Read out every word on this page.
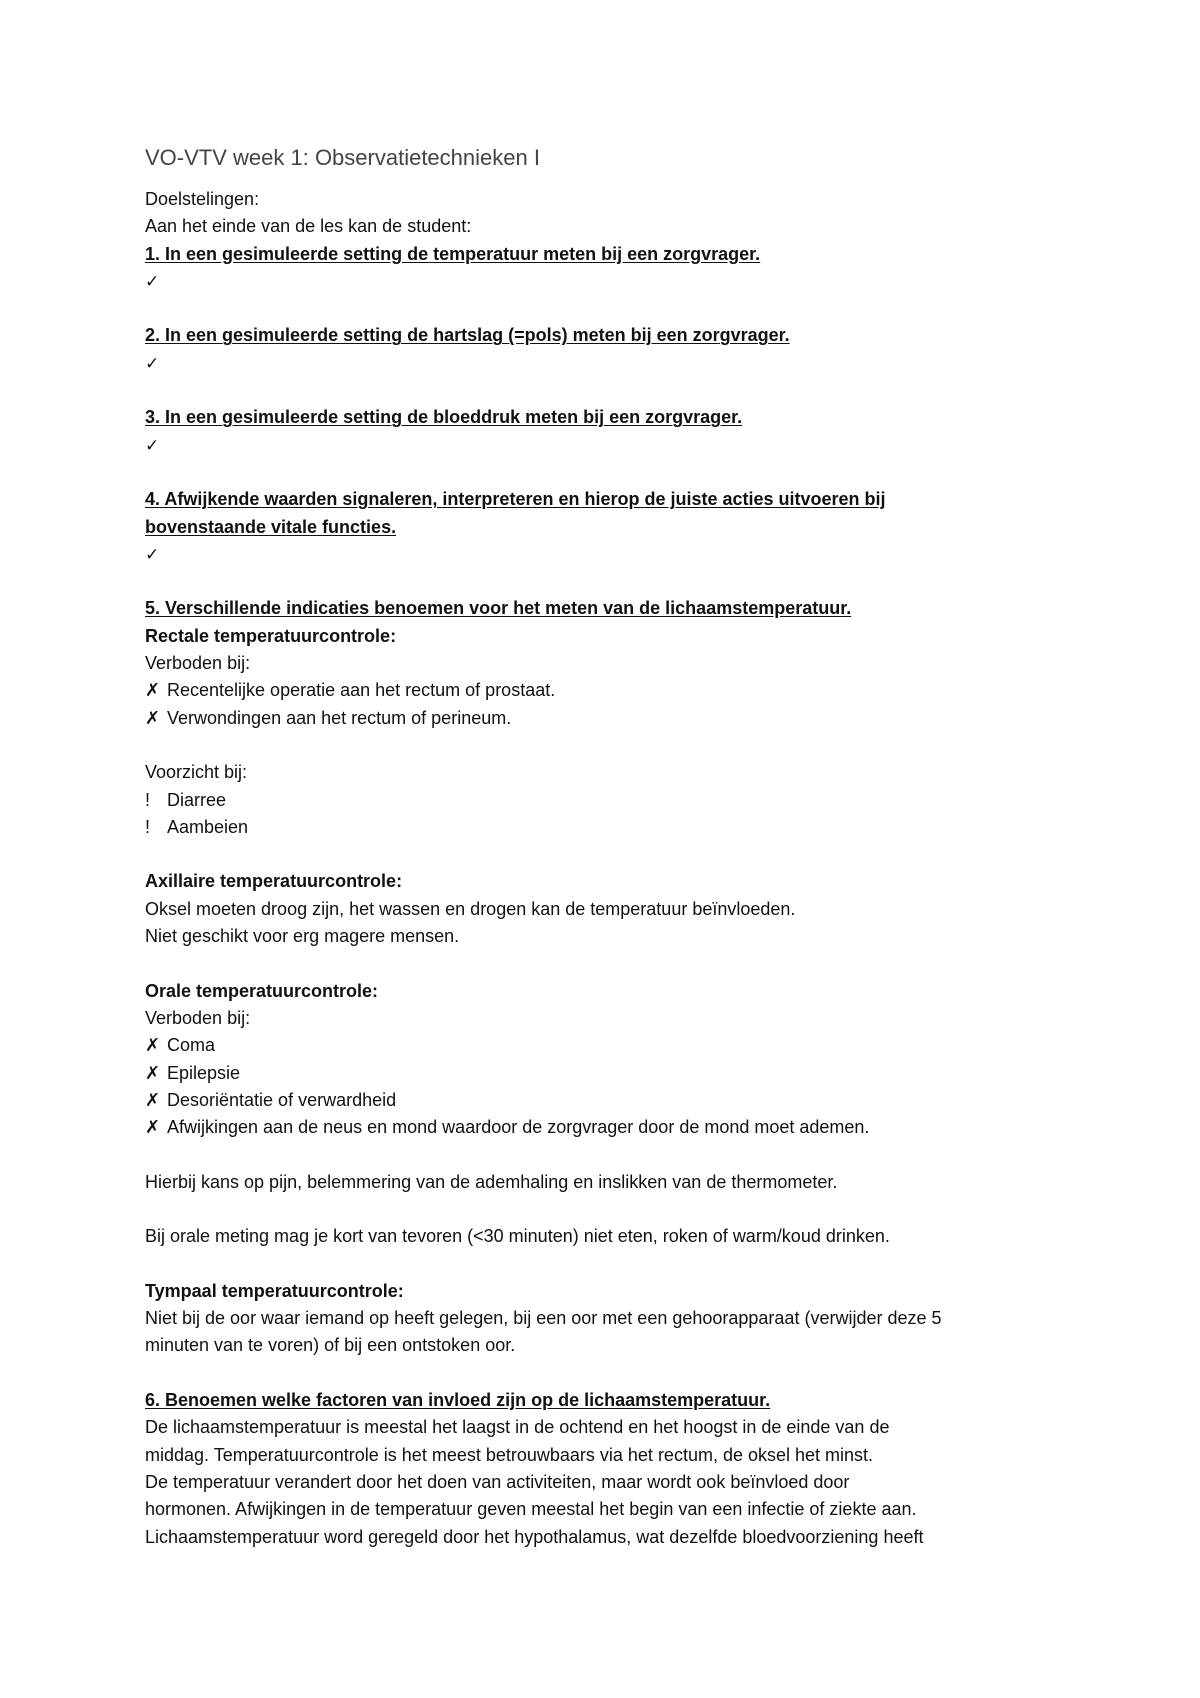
VO-VTV week 1: Observatietechnieken I

Doelstelingen:

Aan het einde van de les kan de student:

1. In een gesimuleerde setting de temperatuur meten bij een zorgvrager.

✓

2. In een gesimuleerde setting de hartslag (=pols) meten bij een zorgvrager.

✓

3. In een gesimuleerde setting de bloeddruk meten bij een zorgvrager.

✓

4. Afwijkende waarden signaleren, interpreteren en hierop de juiste acties uitvoeren bij

bovenstaande vitale functies.

✓

5. Verschillende indicaties benoemen voor het meten van de lichaamstemperatuur.

Rectale temperatuurcontrole:

Verboden bij:

✗ Recentelijke operatie aan het rectum of prostaat.

✗ Verwondingen aan het rectum of perineum.

Voorzicht bij:

! Diarree

! Aambeien

Axillaire temperatuurcontrole:

Oksel moeten droog zijn, het wassen en drogen kan de temperatuur beïnvloeden.

Niet geschikt voor erg magere mensen.

Orale temperatuurcontrole:

Verboden bij:

✗ Coma

✗ Epilepsie

✗ Desoriëntatie of verwardheid

✗ Afwijkingen aan de neus en mond waardoor de zorgvrager door de mond moet ademen.

Hierbij kans op pijn, belemmering van de ademhaling en inslikken van de thermometer.

Bij orale meting mag je kort van tevoren (<30 minuten) niet eten, roken of warm/koud drinken.

Tympaal temperatuurcontrole:

Niet bij de oor waar iemand op heeft gelegen, bij een oor met een gehoorapparaat (verwijder deze 5

minuten van te voren) of bij een ontstoken oor.

6. Benoemen welke factoren van invloed zijn op de lichaamstemperatuur.

De lichaamstemperatuur is meestal het laagst in de ochtend en het hoogst in de einde van de

middag. Temperatuurcontrole is het meest betrouwbaars via het rectum, de oksel het minst.

De temperatuur verandert door het doen van activiteiten, maar wordt ook beïnvloed door

hormonen. Afwijkingen in de temperatuur geven meestal het begin van een infectie of ziekte aan.

Lichaamstemperatuur word geregeld door het hypothalamus, wat dezelfde bloedvoorziening heeft
